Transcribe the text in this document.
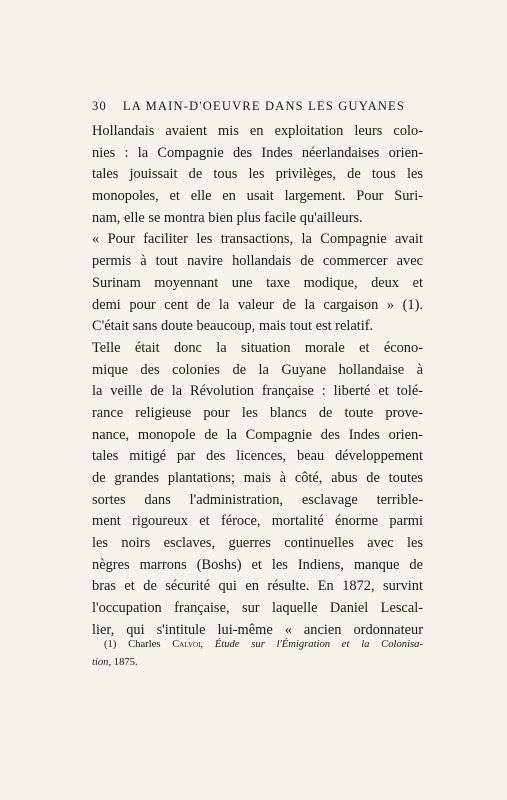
30 LA MAIN-D'OEUVRE DANS LES GUYANES
Hollandais avaient mis en exploitation leurs colo-
nies : la Compagnie des Indes néerlandaises orien-
tales jouissait de tous les privilèges, de tous les
monopoles, et elle en usait largement. Pour Suri-
nam, elle se montra bien plus facile qu'ailleurs.
« Pour faciliter les transactions, la Compagnie avait
permis à tout navire hollandais de commercer avec
Surinam moyennant une taxe modique, deux et
demi pour cent de la valeur de la cargaison » (1).
C'était sans doute beaucoup, mais tout est relatif.
Telle était donc la situation morale et écono-
mique des colonies de la Guyane hollandaise à
la veille de la Révolution française : liberté et tolé-
rance religieuse pour les blancs de toute prove-
nance, monopole de la Compagnie des Indes orien-
tales mitigé par des licences, beau développement
de grandes plantations; mais à côté, abus de toutes
sortes dans l'administration, esclavage terrible-
ment rigoureux et féroce, mortalité énorme parmi
les noirs esclaves, guerres continuelles avec les
nègres marrons (Boshs) et les Indiens, manque de
bras et de sécurité qui en résulte. En 1872, survint
l'occupation française, sur laquelle Daniel Lescal-
lier, qui s'intitule lui-même « ancien ordonnateur
(1) Charles Calvoi, Étude sur l'Émigration et la Colonisa-
tion, 1875.
